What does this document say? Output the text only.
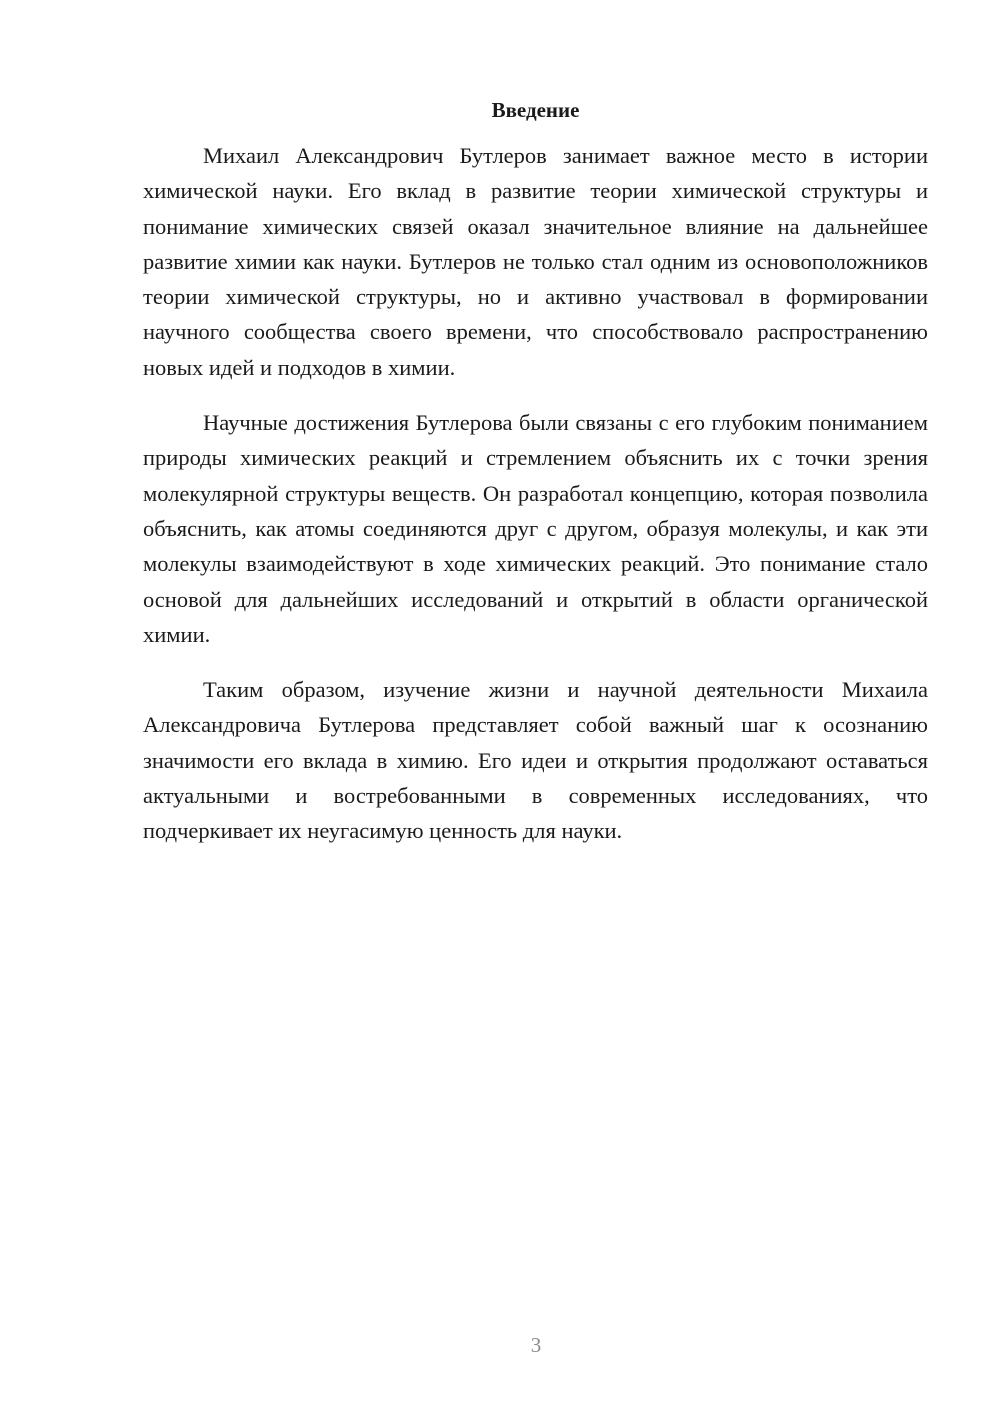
Введение

Михаил Александрович Бутлеров занимает важное место в истории химической науки. Его вклад в развитие теории химической структуры и понимание химических связей оказал значительное влияние на дальнейшее развитие химии как науки. Бутлеров не только стал одним из основоположников теории химической структуры, но и активно участвовал в формировании научного сообщества своего времени, что способствовало распространению новых идей и подходов в химии.

Научные достижения Бутлерова были связаны с его глубоким пониманием природы химических реакций и стремлением объяснить их с точки зрения молекулярной структуры веществ. Он разработал концепцию, которая позволила объяснить, как атомы соединяются друг с другом, образуя молекулы, и как эти молекулы взаимодействуют в ходе химических реакций. Это понимание стало основой для дальнейших исследований и открытий в области органической химии.

Таким образом, изучение жизни и научной деятельности Михаила Александровича Бутлерова представляет собой важный шаг к осознанию значимости его вклада в химию. Его идеи и открытия продолжают оставаться актуальными и востребованными в современных исследованиях, что подчеркивает их неугасимую ценность для науки.

3
